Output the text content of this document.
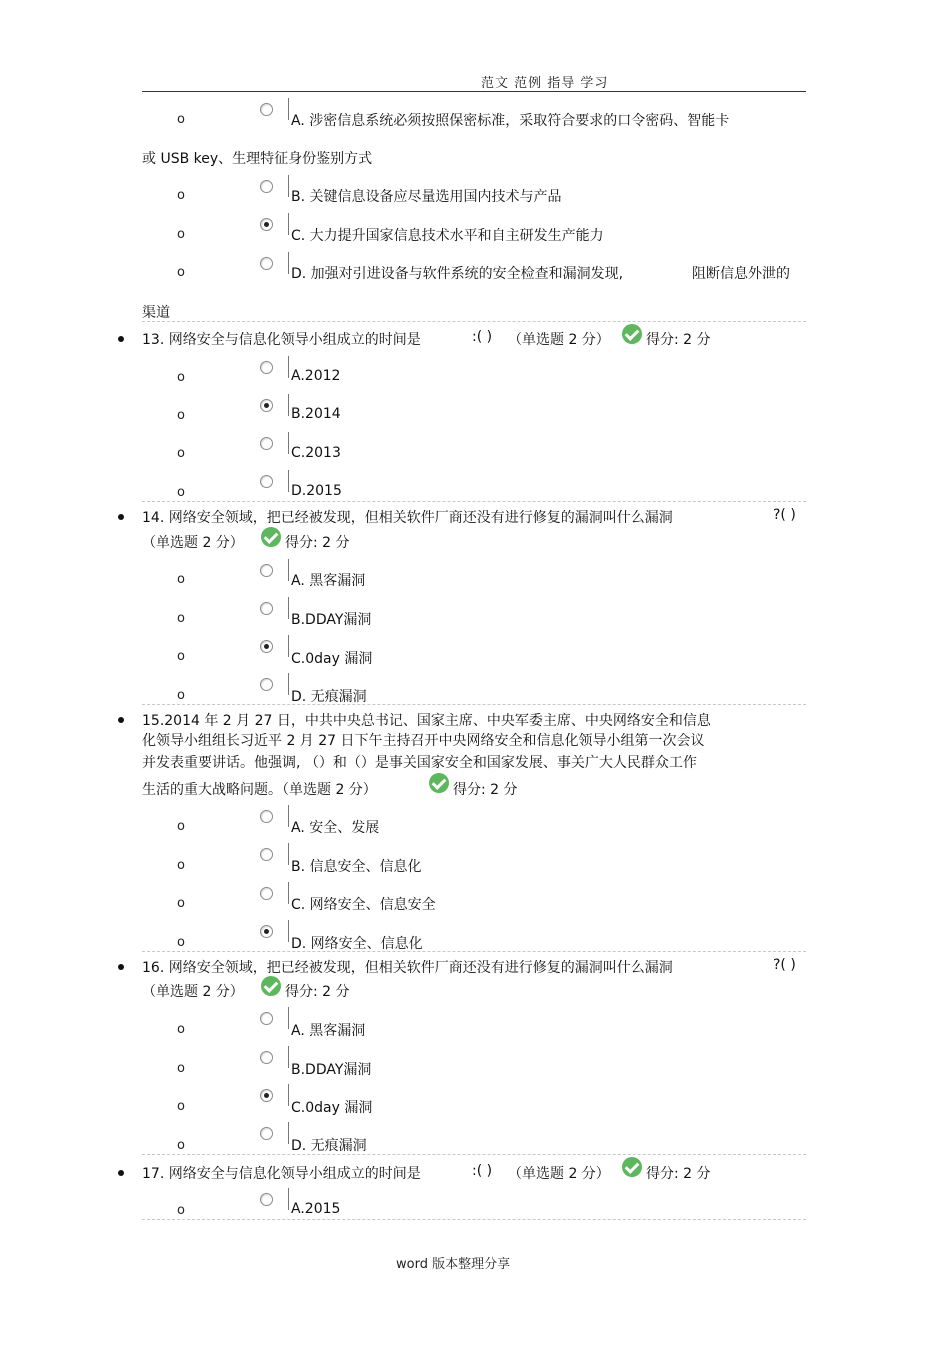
范文 范例 指导 学习
word 版本整理分享
o	A. 涉密信息系统必须按照保密标准，采取符合要求的口令密码、智能卡
或 USB key、生理特征身份鉴别方式
o	B. 关键信息设备应尽量选用国内技术与产品
o	C. 大力提升国家信息技术水平和自主研发生产能力
o	D. 加强对引进设备与软件系统的安全检查和漏洞发现,	阻断信息外泄的
渠道
13. 网络安全与信息化领导小组成立的时间是	:( ) （单选题 2 分）	得分: 2 分
o	A.2012
o	B.2014
o	C.2013
o	D.2015
14. 网络安全领域，把已经被发现，但相关软件厂商还没有进行修复的漏洞叫什么漏洞	?( )
（单选题 2 分）	得分: 2 分
o	A. 黑客漏洞
o	B.DDAY漏洞
o	C.0day 漏洞
o	D. 无痕漏洞
15.2014 年 2 月 27 日，中共中央总书记、国家主席、中央军委主席、中央网络安全和信息
化领导小组组长习近平 2 月 27 日下午主持召开中央网络安全和信息化领导小组第一次会议
并发表重要讲话。他强调, （）和（）是事关国家安全和国家发展、事关广大人民群众工作
生活的重大战略问题。（单选题 2 分）	得分: 2 分
o	A. 安全、发展
o	B. 信息安全、信息化
o	C. 网络安全、信息安全
o	D. 网络安全、信息化
16. 网络安全领域，把已经被发现，但相关软件厂商还没有进行修复的漏洞叫什么漏洞	?( )
（单选题 2 分）	得分: 2 分
o	A. 黑客漏洞
o	B.DDAY漏洞
o	C.0day 漏洞
o	D. 无痕漏洞
17. 网络安全与信息化领导小组成立的时间是	:( ) （单选题 2 分）	得分: 2 分
o	A.2015
